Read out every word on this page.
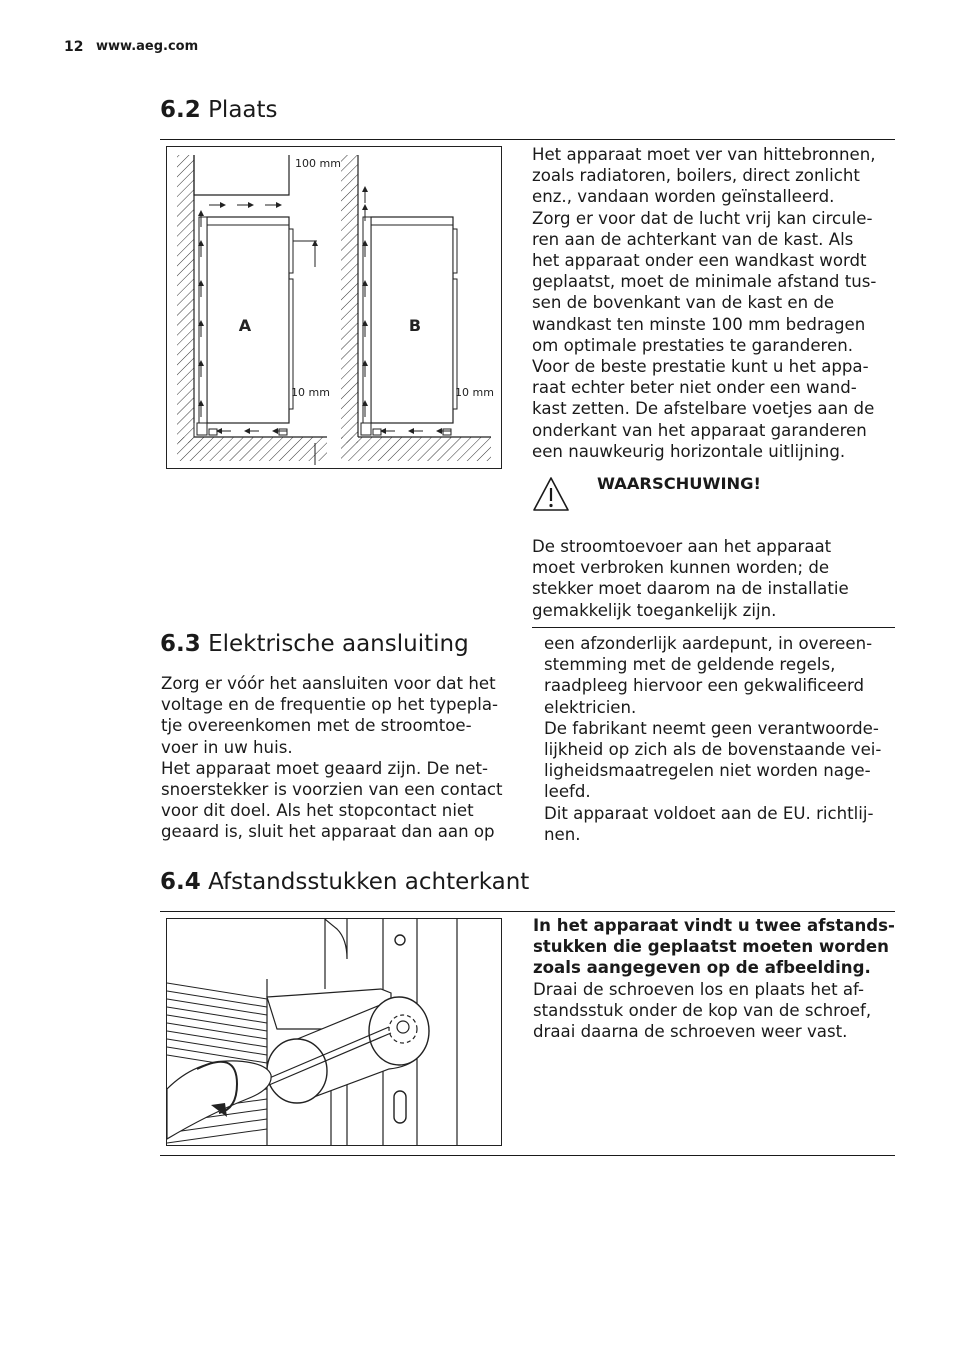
12 www.aeg.com
6.2 Plaats
A
100 mm
10 mm
B
10 mm
Het apparaat moet ver van hittebronnen,
zoals radiatoren, boilers, direct zonlicht
enz., vandaan worden geïnstalleerd.
Zorg er voor dat de lucht vrij kan circule-
ren aan de achterkant van de kast. Als
het apparaat onder een wandkast wordt
geplaatst, moet de minimale afstand tus-
sen de bovenkant van de kast en de
wandkast ten minste 100 mm bedragen
om optimale prestaties te garanderen.
Voor de beste prestatie kunt u het appa-
raat echter beter niet onder een wand-
kast zetten. De afstelbare voetjes aan de
onderkant van het apparaat garanderen
een nauwkeurig horizontale uitlijning.
WAARSCHUWING!
De stroomtoevoer aan het apparaat
moet verbroken kunnen worden; de
stekker moet daarom na de installatie
gemakkelijk toegankelijk zijn.
6.3 Elektrische aansluiting
Zorg er vóór het aansluiten voor dat het
voltage en de frequentie op het typepla-
tje overeenkomen met de stroomtoe-
voer in uw huis.
Het apparaat moet geaard zijn. De net-
snoerstekker is voorzien van een contact
voor dit doel. Als het stopcontact niet
geaard is, sluit het apparaat dan aan op
een afzonderlijk aardepunt, in overeen-
stemming met de geldende regels,
raadpleeg hiervoor een gekwalificeerd
elektricien.
De fabrikant neemt geen verantwoorde-
lijkheid op zich als de bovenstaande vei-
ligheidsmaatregelen niet worden nage-
leefd.
Dit apparaat voldoet aan de EU. richtlij-
nen.
6.4 Afstandsstukken achterkant
In het apparaat vindt u twee afstands-
stukken die geplaatst moeten worden
zoals aangegeven op de afbeelding.
Draai de schroeven los en plaats het af-
standsstuk onder de kop van de schroef,
draai daarna de schroeven weer vast.
